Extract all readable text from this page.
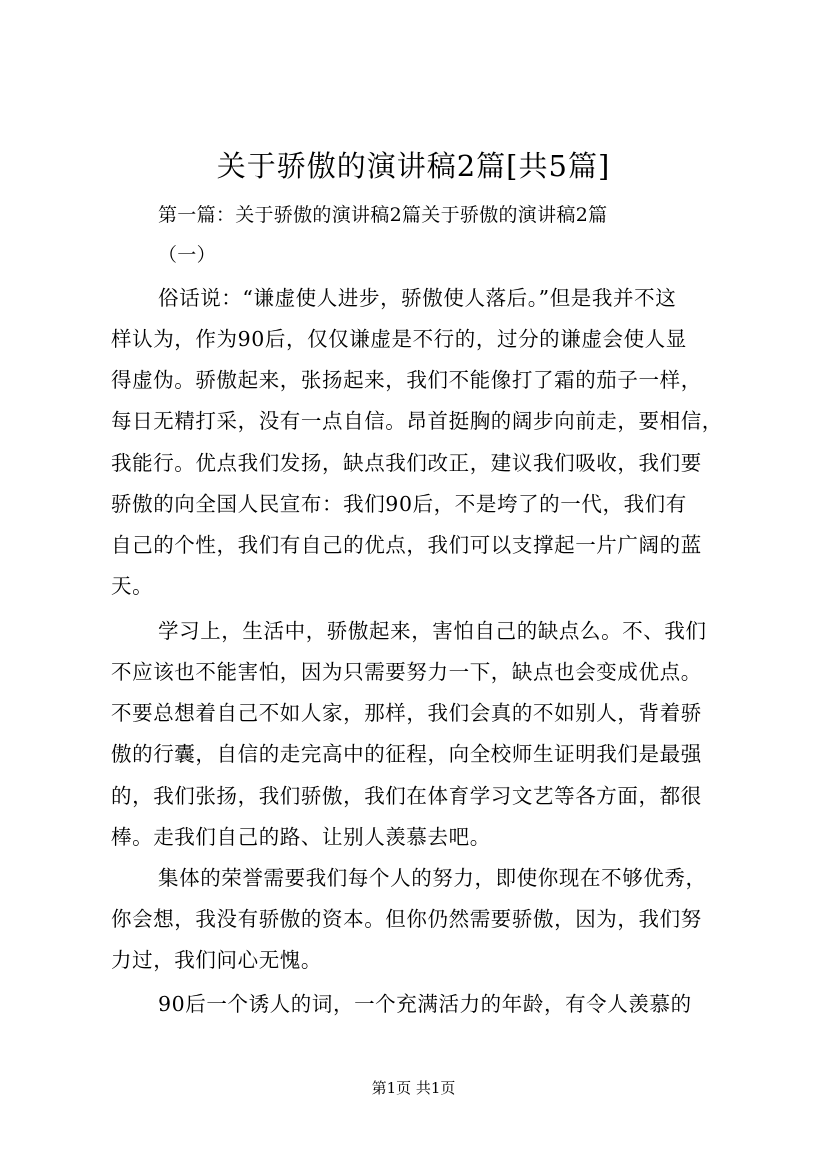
关于骄傲的演讲稿2篇[共5篇]
第一篇：关于骄傲的演讲稿2篇关于骄傲的演讲稿2篇
（一）
俗话说：“谦虚使人进步，骄傲使人落后。”但是我并不这
样认为，作为90后，仅仅谦虚是不行的，过分的谦虚会使人显
得虚伪。骄傲起来，张扬起来，我们不能像打了霜的茄子一样，
每日无精打采，没有一点自信。昂首挺胸的阔步向前走，要相信，
我能行。优点我们发扬，缺点我们改正，建议我们吸收，我们要
骄傲的向全国人民宣布：我们90后，不是垮了的一代，我们有
自己的个性，我们有自己的优点，我们可以支撑起一片广阔的蓝
天。
学习上，生活中，骄傲起来，害怕自己的缺点么。不、我们
不应该也不能害怕，因为只需要努力一下，缺点也会变成优点。
不要总想着自己不如人家，那样，我们会真的不如别人，背着骄
傲的行囊，自信的走完高中的征程，向全校师生证明我们是最强
的，我们张扬，我们骄傲，我们在体育学习文艺等各方面，都很
棒。走我们自己的路、让别人羡慕去吧。
集体的荣誉需要我们每个人的努力，即使你现在不够优秀，
你会想，我没有骄傲的资本。但你仍然需要骄傲，因为，我们努
力过，我们问心无愧。
90后一个诱人的词，一个充满活力的年龄，有令人羡慕的
第1页 共1页
